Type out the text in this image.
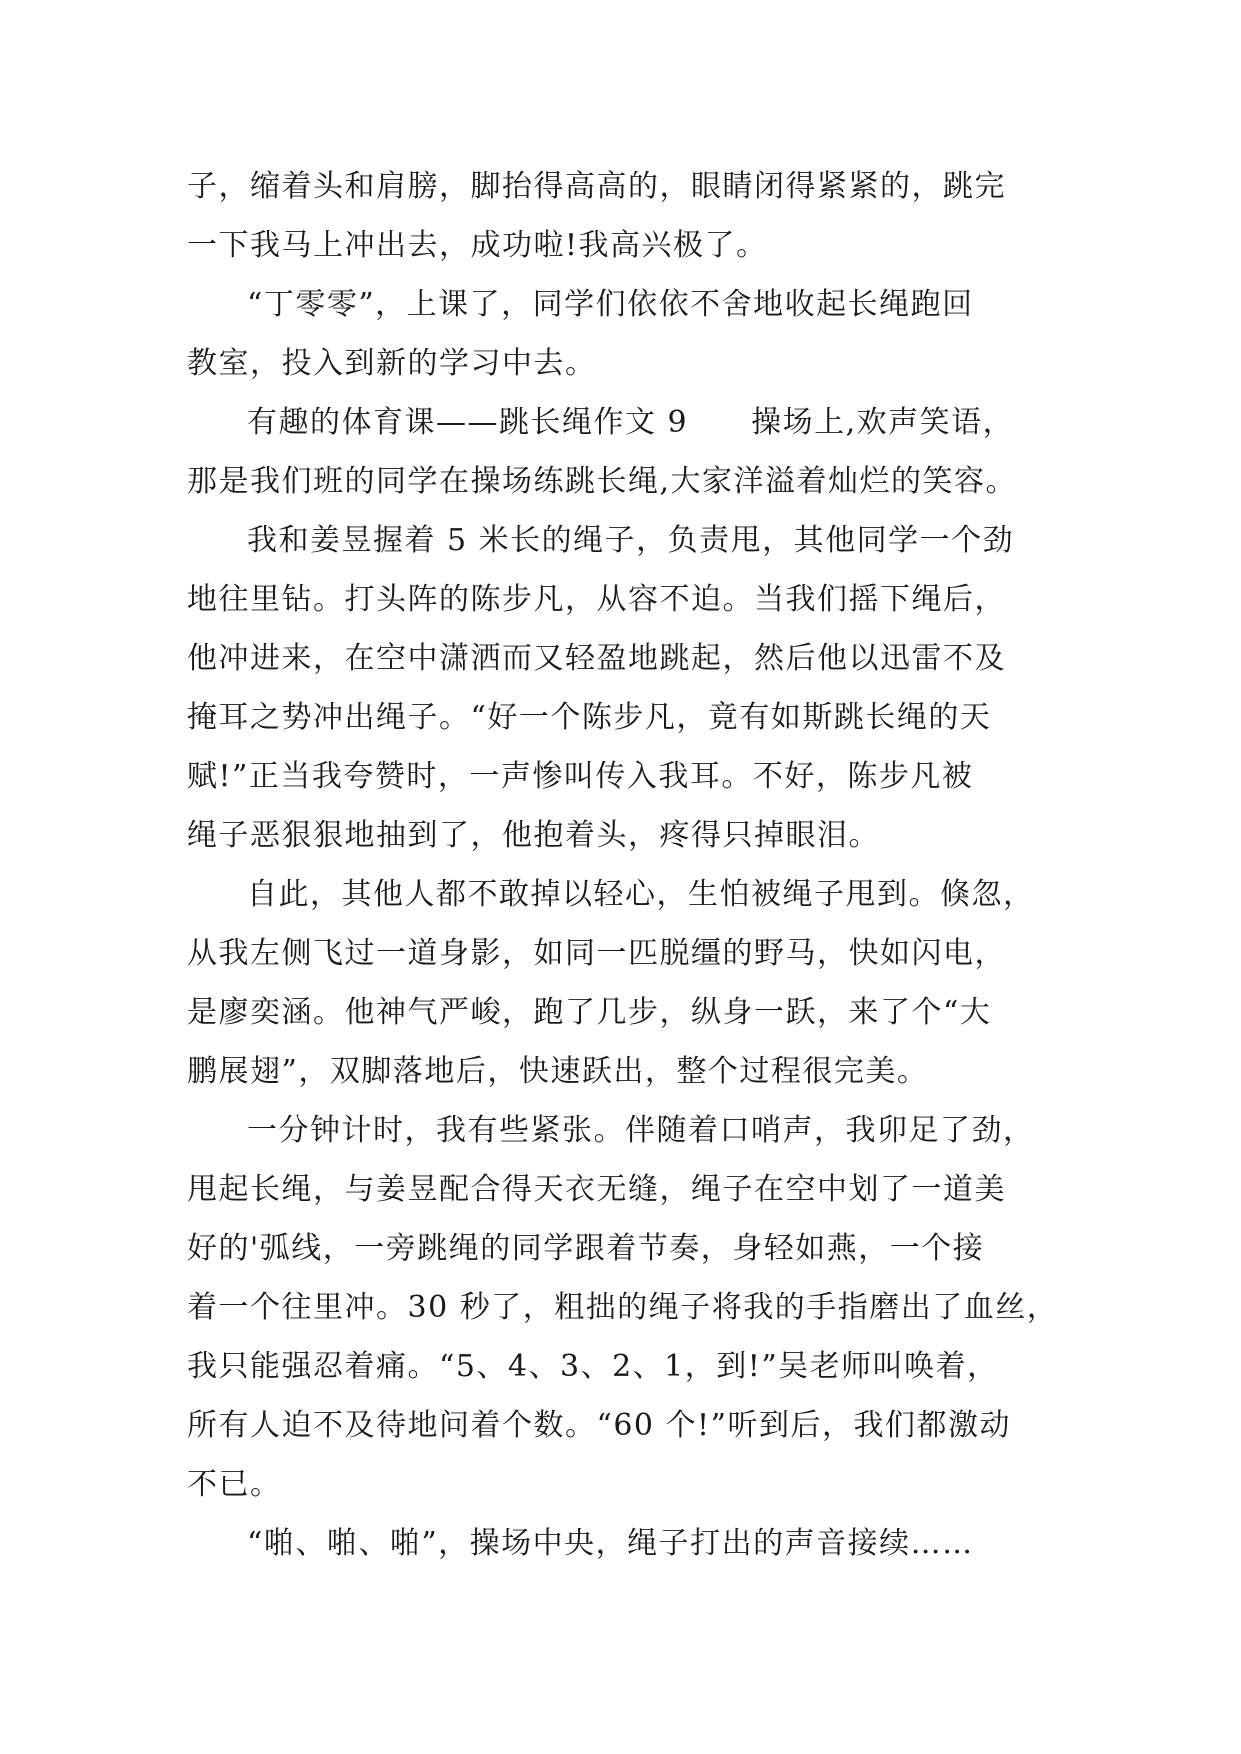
子，缩着头和肩膀，脚抬得高高的，眼睛闭得紧紧的，跳完
一下我马上冲出去，成功啦!我高兴极了。
“丁零零”，上课了，同学们依依不舍地收起长绳跑回
教室，投入到新的学习中去。
有趣的体育课——跳长绳作文 9　　操场上,欢声笑语，
那是我们班的同学在操场练跳长绳,大家洋溢着灿烂的笑容。
我和姜昱握着 5 米长的绳子，负责甩，其他同学一个劲
地往里钻。打头阵的陈步凡，从容不迫。当我们摇下绳后，
他冲进来，在空中潇洒而又轻盈地跳起，然后他以迅雷不及
掩耳之势冲出绳子。“好一个陈步凡，竟有如斯跳长绳的天
赋!”正当我夸赞时，一声惨叫传入我耳。不好，陈步凡被
绳子恶狠狠地抽到了，他抱着头，疼得只掉眼泪。
自此，其他人都不敢掉以轻心，生怕被绳子甩到。倏忽，
从我左侧飞过一道身影，如同一匹脱缰的野马，快如闪电，
是廖奕涵。他神气严峻，跑了几步，纵身一跃，来了个“大
鹏展翅”，双脚落地后，快速跃出，整个过程很完美。
一分钟计时，我有些紧张。伴随着口哨声，我卯足了劲，
甩起长绳，与姜昱配合得天衣无缝，绳子在空中划了一道美
好的'弧线，一旁跳绳的同学跟着节奏，身轻如燕，一个接
着一个往里冲。30 秒了，粗拙的绳子将我的手指磨出了血丝，
我只能强忍着痛。“5、4、3、2、1，到!”吴老师叫唤着，
所有人迫不及待地问着个数。“60 个!”听到后，我们都激动
不已。
“啪、啪、啪”，操场中央，绳子打出的声音接续……
